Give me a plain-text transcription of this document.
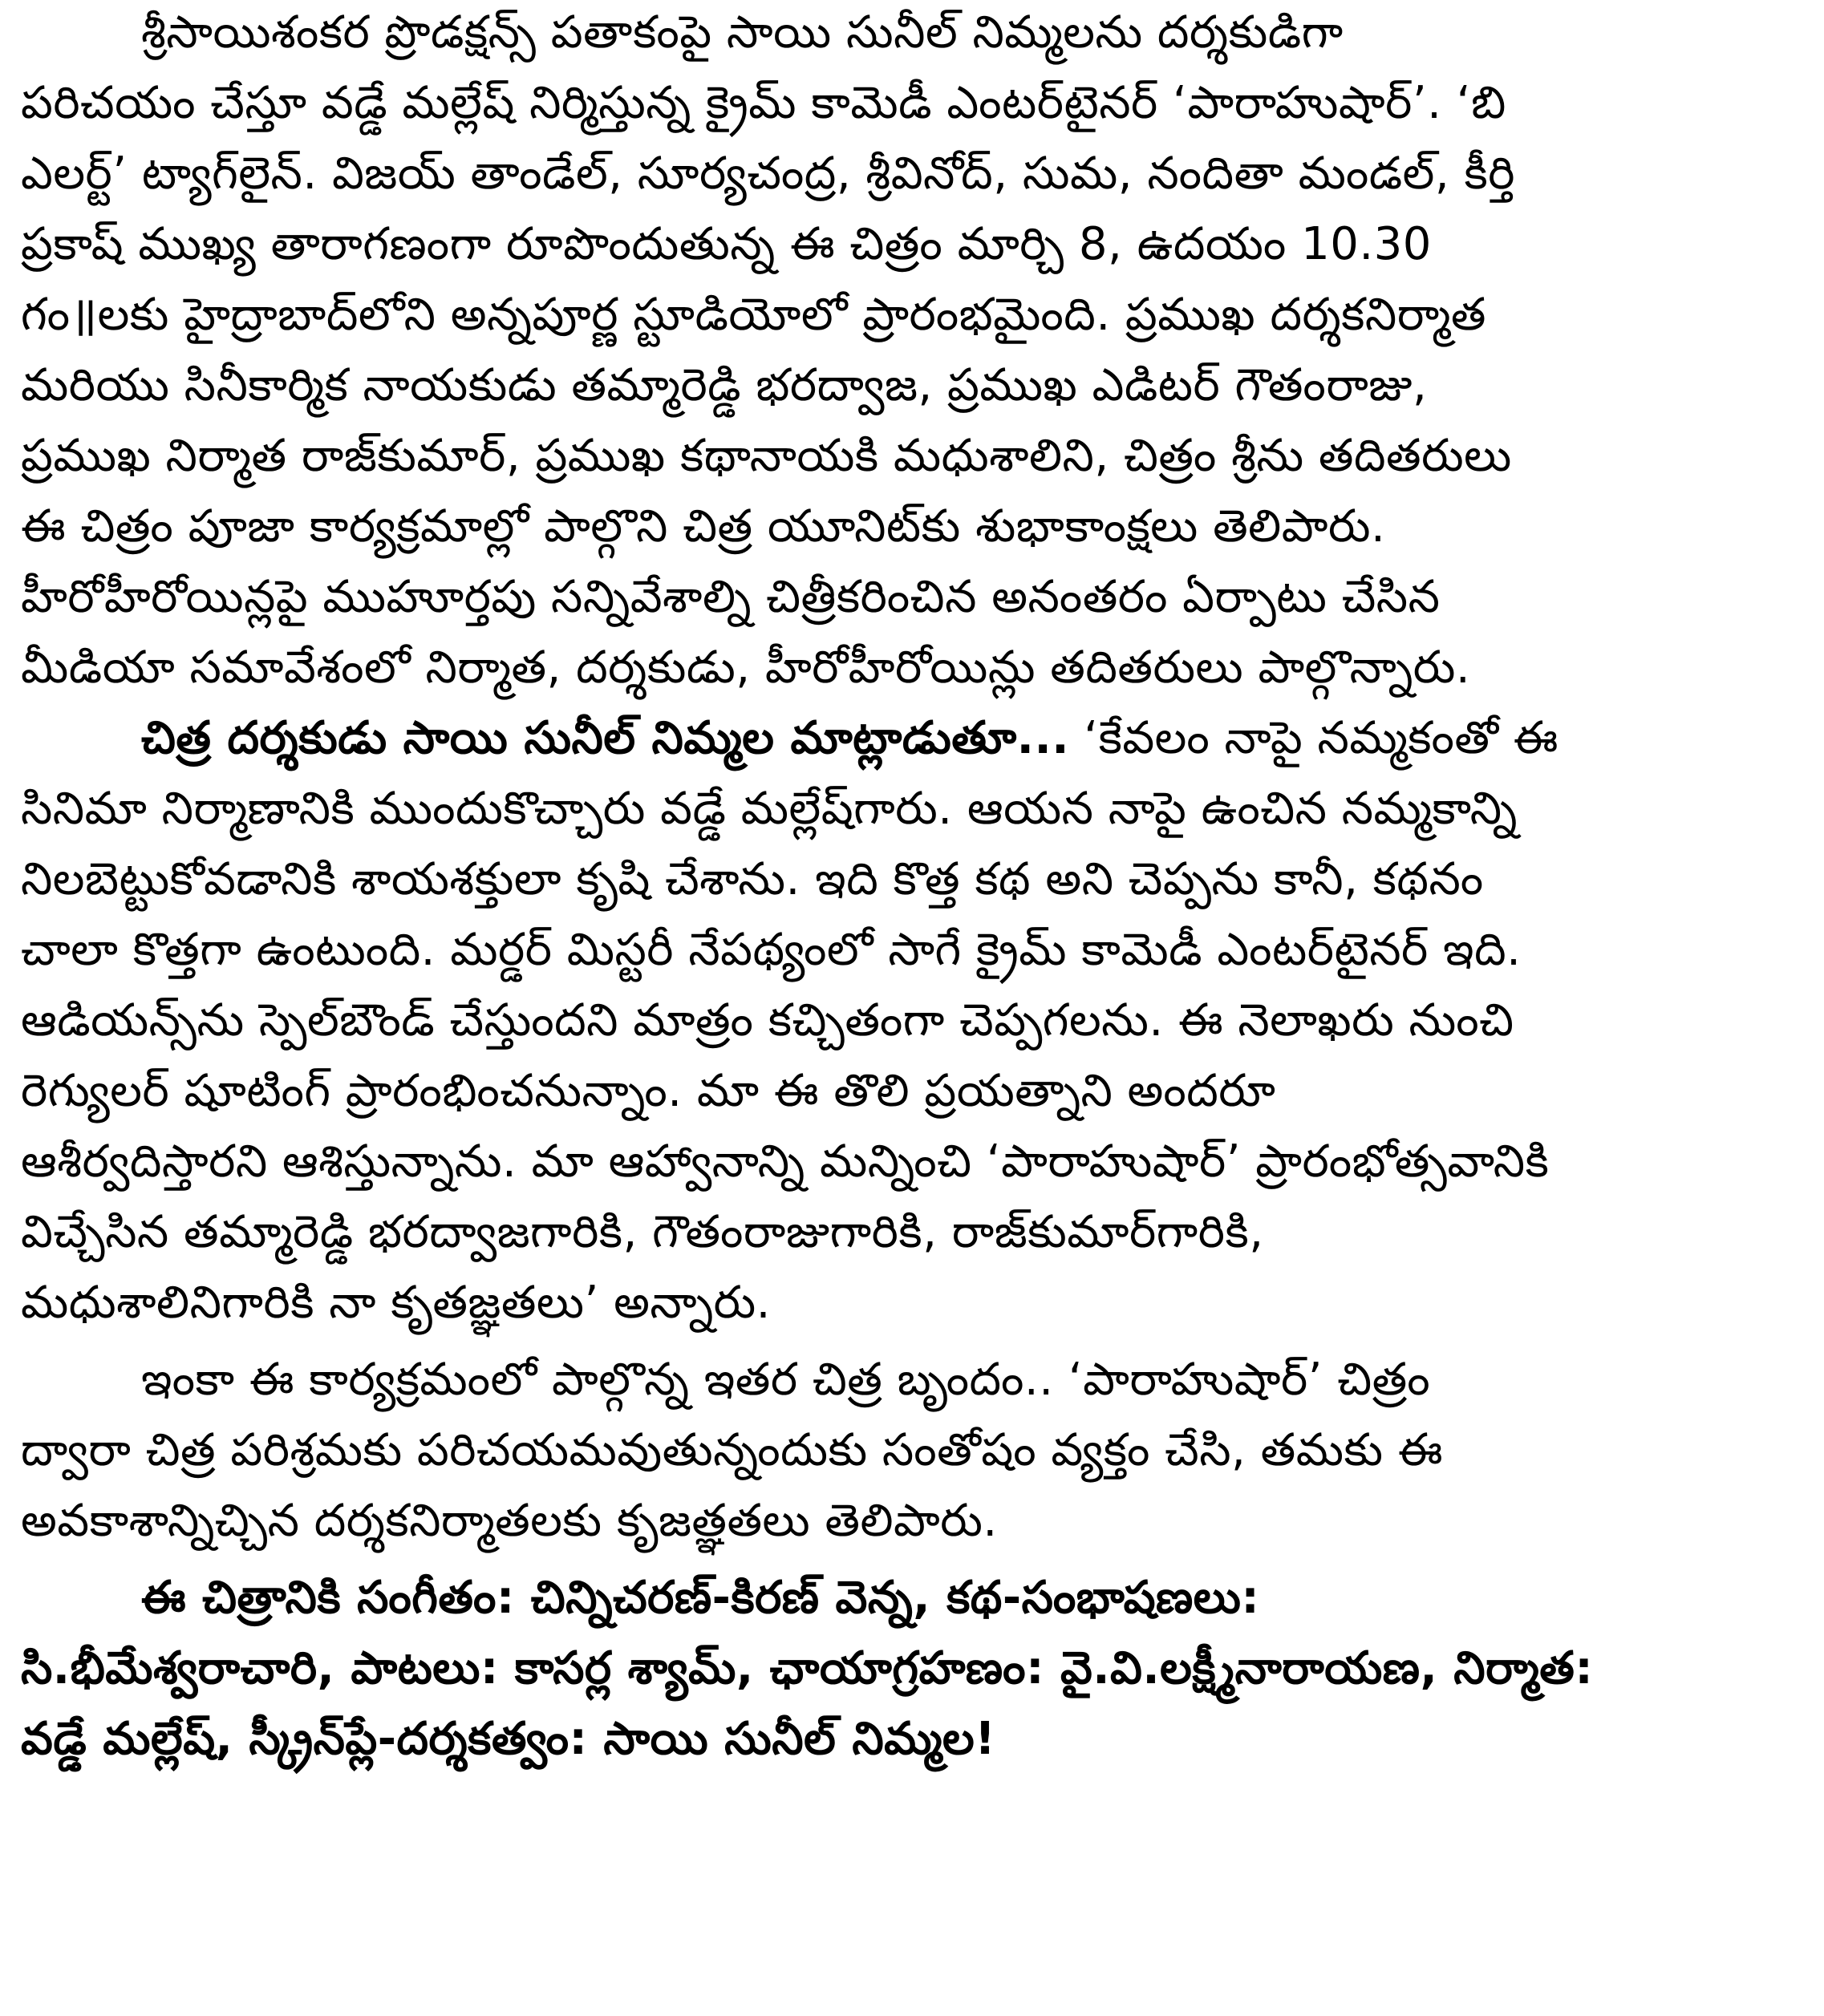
శ్రీసాయిశంకర ప్రొడక్షన్స్ పతాకంపై సాయి సునీల్ నిమ్మలను దర్శకుడిగా
పరిచయం చేస్తూ వడ్డే మల్లేష్ నిర్మిస్తున్న క్రైమ్ కామెడీ ఎంటర్‌టైనర్ ‘పారాహుషార్’. ‘బి
ఎలర్ట్’ ట్యాగ్‌లైన్. విజయ్ తాండేల్, సూర్యచంద్ర, శ్రీవినోద్, సుమ, నందితా మండల్, కీర్తి
ప్రకాష్ ముఖ్య తారాగణంగా రూపొందుతున్న ఈ చిత్రం మార్చి 8, ఉదయం 10.30
గం॥లకు హైద్రాబాద్‌లోని అన్నపూర్ణ స్టూడియోలో ప్రారంభమైంది. ప్రముఖ దర్శకనిర్మాత
మరియు సినీకార్మిక నాయకుడు తమ్మారెడ్డి భరద్వాజ, ప్రముఖ ఎడిటర్ గౌతంరాజు,
ప్రముఖ నిర్మాత రాజ్‌కుమార్, ప్రముఖ కథానాయకి మధుశాలిని, చిత్రం శ్రీను తదితరులు
ఈ చిత్రం పూజా కార్యక్రమాల్లో పాల్గొని చిత్ర యూనిట్‌కు శుభాకాంక్షలు తెలిపారు.
హీరోహీరోయిన్లపై ముహూర్తపు సన్నివేశాల్ని చిత్రీకరించిన అనంతరం ఏర్పాటు చేసిన
మీడియా సమావేశంలో నిర్మాత, దర్శకుడు, హీరోహీరోయిన్లు తదితరులు పాల్గొన్నారు.
చిత్ర దర్శకుడు సాయి సునీల్ నిమ్మల మాట్లాడుతూ... ‘కేవలం నాపై నమ్మకంతో ఈ
సినిమా నిర్మాణానికి ముందుకొచ్చారు వడ్డే మల్లేష్‌గారు. ఆయన నాపై ఉంచిన నమ్మకాన్ని
నిలబెట్టుకోవడానికి శాయశక్తులా కృషి చేశాను. ఇది కొత్త కథ అని చెప్పను కానీ, కథనం
చాలా కొత్తగా ఉంటుంది. మర్డర్ మిస్టరీ నేపథ్యంలో సాగే క్రైమ్ కామెడీ ఎంటర్‌టైనర్ ఇది.
ఆడియన్స్‌ను స్పెల్‌బౌండ్ చేస్తుందని మాత్రం కచ్చితంగా చెప్పగలను. ఈ నెలాఖరు నుంచి
రెగ్యులర్ షూటింగ్ ప్రారంభించనున్నాం. మా ఈ తొలి ప్రయత్నాని అందరూ
ఆశీర్వదిస్తారని ఆశిస్తున్నాను. మా ఆహ్వానాన్ని మన్నించి ‘పారాహుషార్’ ప్రారంభోత్సవానికి
విచ్చేసిన తమ్మారెడ్డి భరద్వాజగారికి, గౌతంరాజుగారికి, రాజ్‌కుమార్‌గారికి,
మధుశాలినిగారికి నా కృతజ్ఞతలు’ అన్నారు.
ఇంకా ఈ కార్యక్రమంలో పాల్గొన్న ఇతర చిత్ర బృందం.. ‘పారాహుషార్’ చిత్రం
ద్వారా చిత్ర పరిశ్రమకు పరిచయమవుతున్నందుకు సంతోషం వ్యక్తం చేసి, తమకు ఈ
అవకాశాన్నిచ్చిన దర్శకనిర్మాతలకు కృజత్ఞతలు తెలిపారు.
ఈ చిత్రానికి సంగీతం: చిన్నిచరణ్-కిరణ్ వెన్న, కథ-సంభాషణలు:
సి.భీమేశ్వరాచారి, పాటలు: కాసర్ల శ్యామ్, ఛాయాగ్రహణం: వై.వి.లక్ష్మీనారాయణ, నిర్మాత:
వడ్డే మల్లేష్, స్క్రీన్‌ప్లే-దర్శకత్వం: సాయి సునీల్ నిమ్మల!
